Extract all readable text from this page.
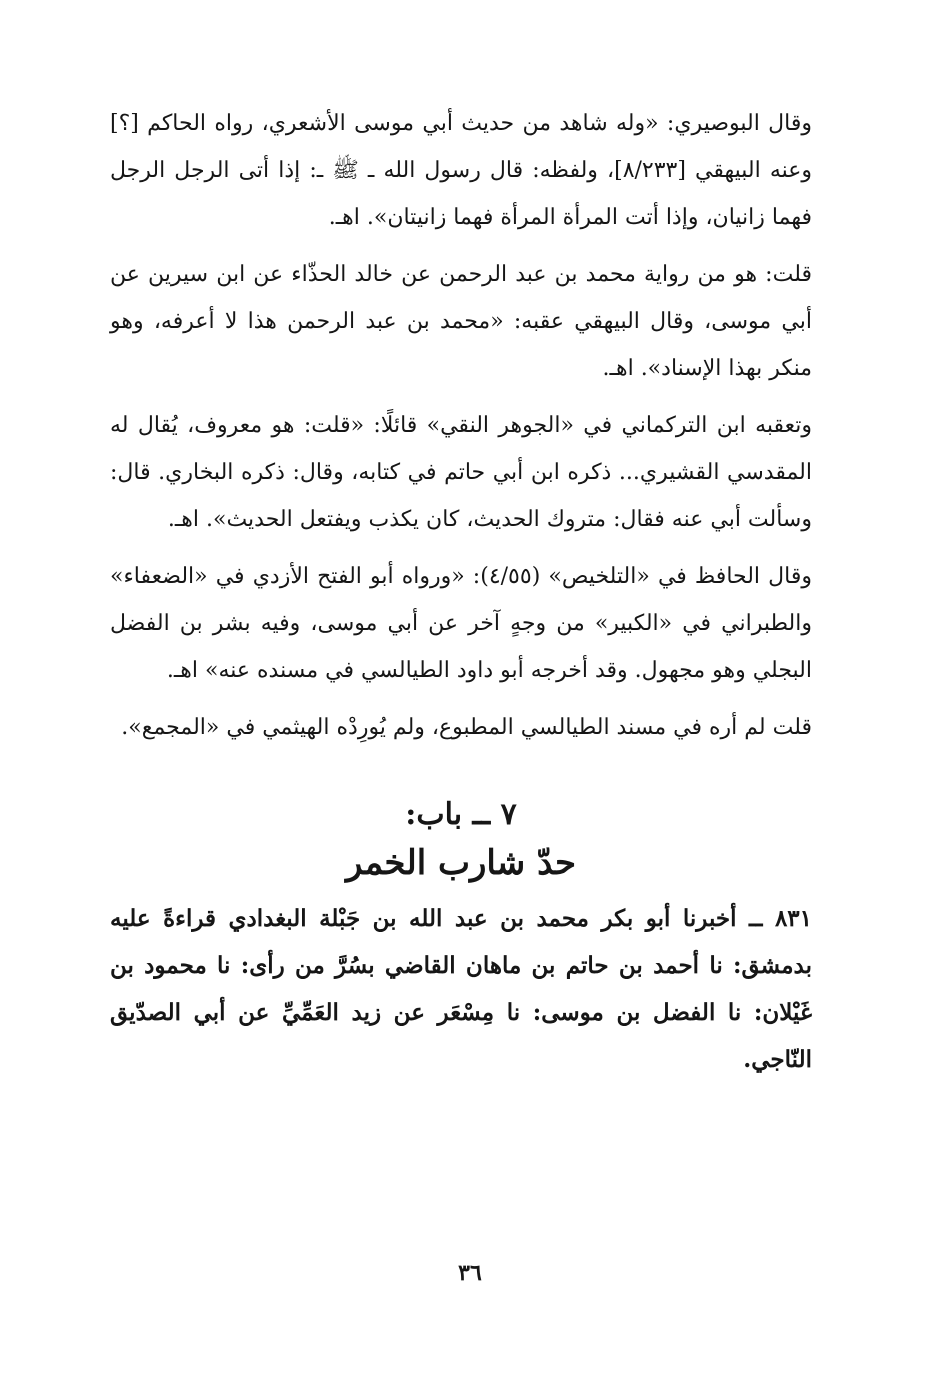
وقال البوصيري: «وله شاهد من حديث أبي موسى الأشعري، رواه الحاكم [؟] وعنه البيهقي [٨/٢٣٣]، ولفظه: قال رسول الله ـ ﷺ ـ: إذا أتى الرجل الرجل فهما زانيان، وإذا أتت المرأة المرأة فهما زانيتان». اهـ.

قلت: هو من رواية محمد بن عبد الرحمن عن خالد الحذّاء عن ابن سيرين عن أبي موسى، وقال البيهقي عقبه: «محمد بن عبد الرحمن هذا لا أعرفه، وهو منكر بهذا الإسناد». اهـ.

وتعقبه ابن التركماني في «الجوهر النقي» قائلًا: «قلت: هو معروف، يُقال له المقدسي القشيري... ذكره ابن أبي حاتم في كتابه، وقال: ذكره البخاري. قال: وسألت أبي عنه فقال: متروك الحديث، كان يكذب ويفتعل الحديث». اهـ.

وقال الحافظ في «التلخيص» (٤/٥٥): «ورواه أبو الفتح الأزدي في «الضعفاء» والطبراني في «الكبير» من وجهٍ آخر عن أبي موسى، وفيه بشر بن الفضل البجلي وهو مجهول. وقد أخرجه أبو داود الطيالسي في مسنده عنه» اهـ.

قلت لم أره في مسند الطيالسي المطبوع، ولم يُورِدْه الهيثمي في «المجمع».

٧ ــ باب:
حدّ شارب الخمر

٨٣١ ــ أخبرنا أبو بكر محمد بن عبد الله بن جَبْلة البغدادي قراءةً عليه بدمشق: نا أحمد بن حاتم بن ماهان القاضي بسُرَّ من رأى: نا محمود بن غَيْلان: نا الفضل بن موسى: نا مِسْعَر عن زيد العَمِّيِّ عن أبي الصدّيق النّاجي.

٣٦
